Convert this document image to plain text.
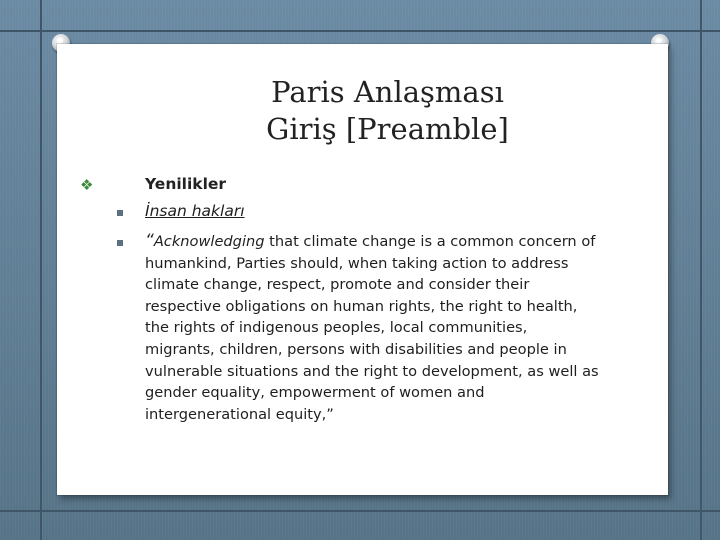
Paris Anlaşması
Giriş [Preamble]
❖	Yenilikler
İnsan hakları
“Acknowledging that climate change is a common concern of
humankind, Parties should, when taking action to address
climate change, respect, promote and consider their
respective obligations on human rights, the right to health,
the rights of indigenous peoples, local communities,
migrants, children, persons with disabilities and people in
vulnerable situations and the right to development, as well as
gender equality, empowerment of women and
intergenerational equity,”
